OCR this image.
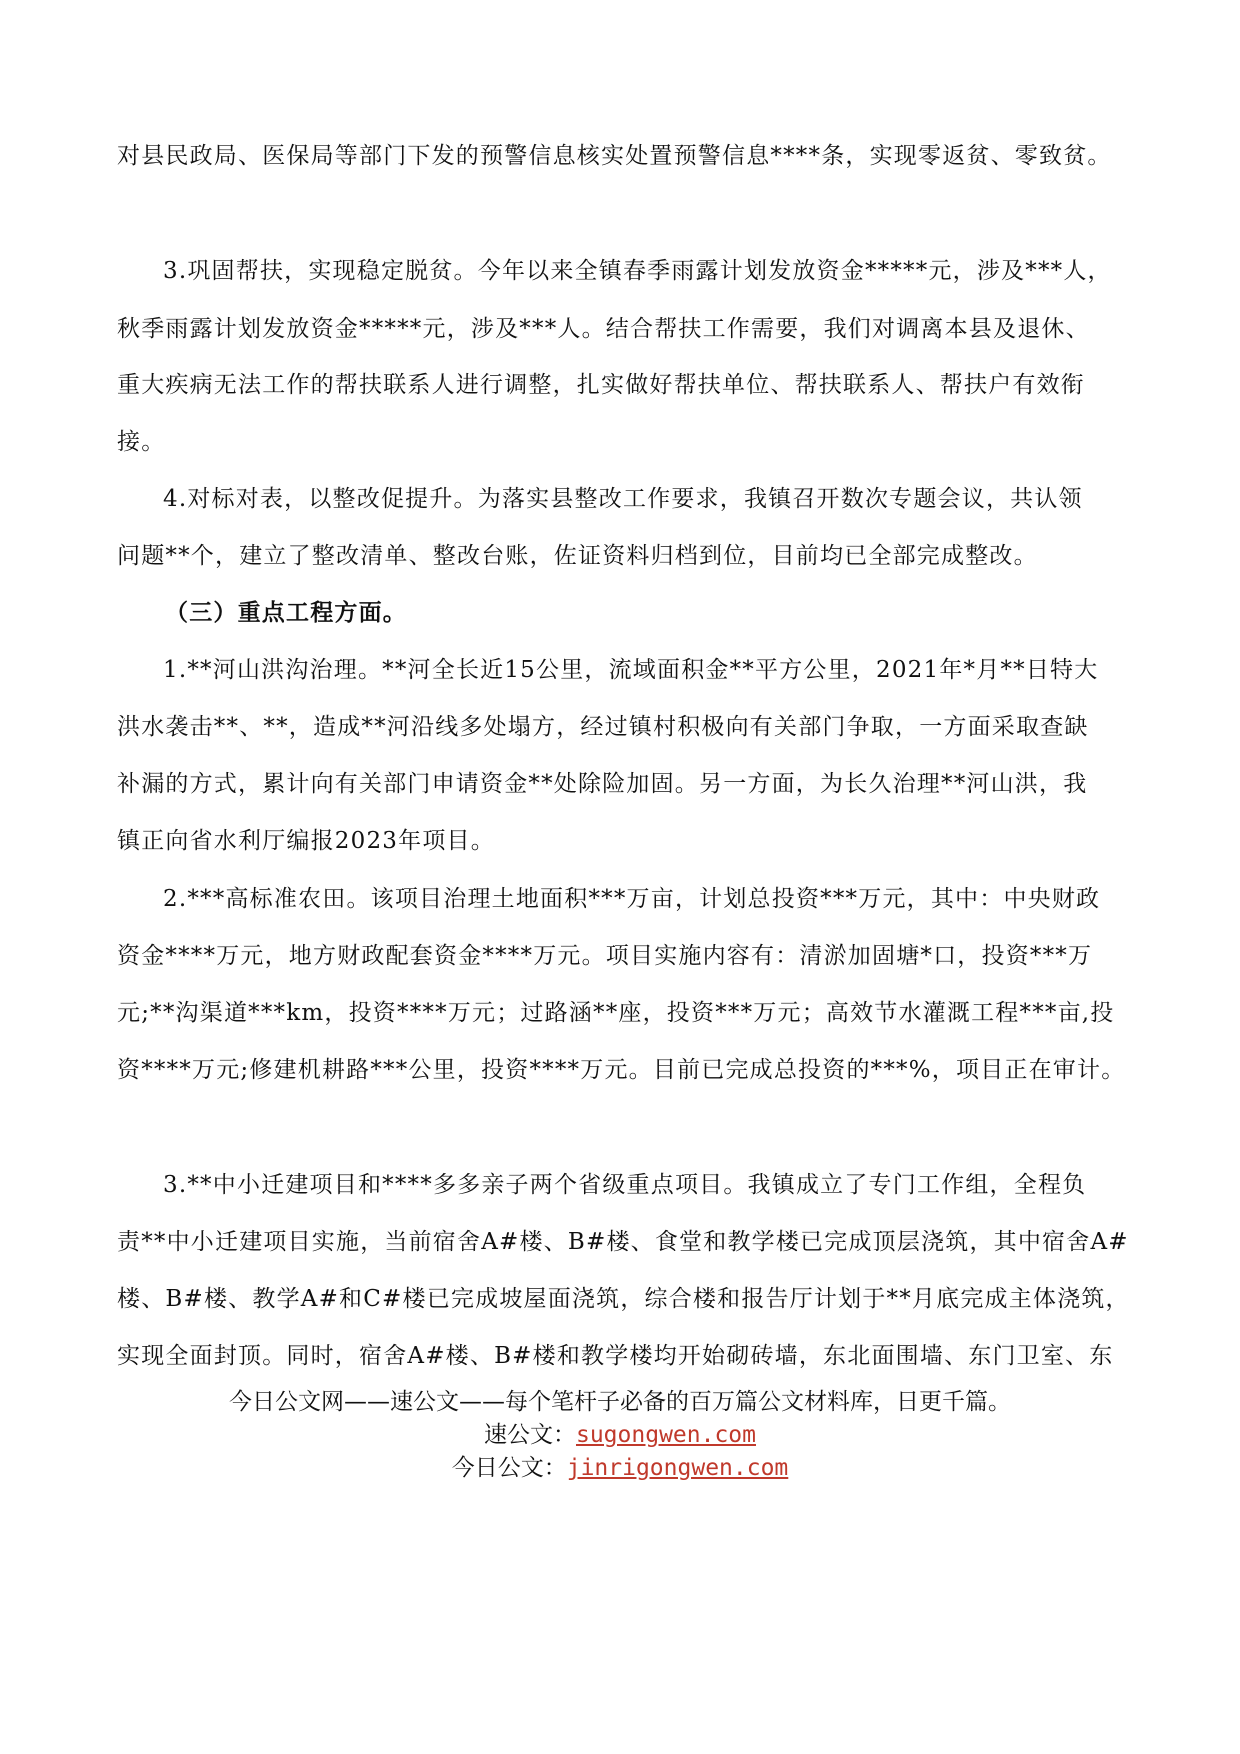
对县民政局、医保局等部门下发的预警信息核实处置预警信息****条，实现零返贫、零致贫。
3.巩固帮扶，实现稳定脱贫。今年以来全镇春季雨露计划发放资金*****元，涉及***人，
秋季雨露计划发放资金*****元，涉及***人。结合帮扶工作需要，我们对调离本县及退休、
重大疾病无法工作的帮扶联系人进行调整，扎实做好帮扶单位、帮扶联系人、帮扶户有效衔
接。
4.对标对表，以整改促提升。为落实县整改工作要求，我镇召开数次专题会议，共认领
问题**个，建立了整改清单、整改台账，佐证资料归档到位，目前均已全部完成整改。
（三）重点工程方面。
1.**河山洪沟治理。**河全长近15公里，流域面积金**平方公里，2021年*月**日特大
洪水袭击**、**，造成**河沿线多处塌方，经过镇村积极向有关部门争取，一方面采取查缺
补漏的方式，累计向有关部门申请资金**处除险加固。另一方面，为长久治理**河山洪，我
镇正向省水利厅编报2023年项目。
2.***高标准农田。该项目治理土地面积***万亩，计划总投资***万元，其中：中央财政
资金****万元，地方财政配套资金****万元。项目实施内容有：清淤加固塘*口，投资***万
元;**沟渠道***km，投资****万元；过路涵**座，投资***万元；高效节水灌溉工程***亩,投
资****万元;修建机耕路***公里，投资****万元。目前已完成总投资的***%，项目正在审计。
3.**中小迁建项目和****多多亲子两个省级重点项目。我镇成立了专门工作组，全程负
责**中小迁建项目实施，当前宿舍A#楼、B#楼、食堂和教学楼已完成顶层浇筑，其中宿舍A#
楼、B#楼、教学A#和C#楼已完成坡屋面浇筑，综合楼和报告厅计划于**月底完成主体浇筑，
实现全面封顶。同时，宿舍A#楼、B#楼和教学楼均开始砌砖墙，东北面围墙、东门卫室、东
今日公文网——速公文——每个笔杆子必备的百万篇公文材料库，日更千篇。
速公文：sugongwen.com
今日公文：jinrigongwen.com
